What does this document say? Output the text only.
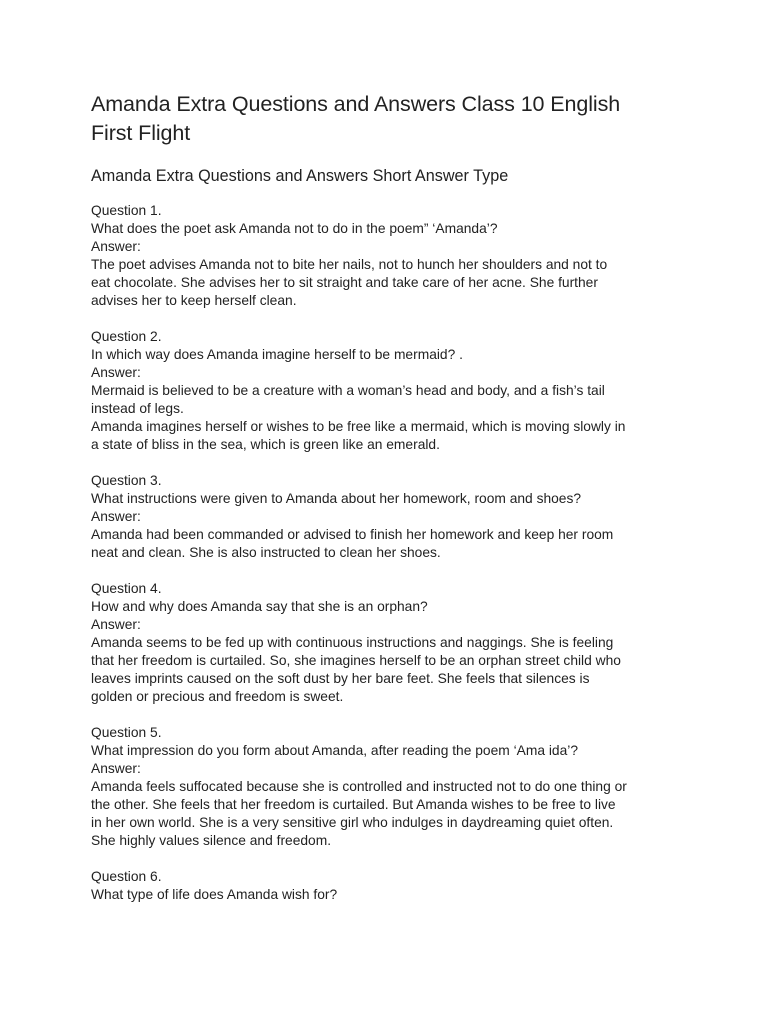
Amanda Extra Questions and Answers Class 10 English
First Flight
Amanda Extra Questions and Answers Short Answer Type

Question 1.

What does the poet ask Amanda not to do in the poem” ‘Amanda’?

Answer:

The poet advises Amanda not to bite her nails, not to hunch her shoulders and not to

eat chocolate. She advises her to sit straight and take care of her acne. She further

advises her to keep herself clean.

Question 2.

In which way does Amanda imagine herself to be mermaid? .

Answer:

Mermaid is believed to be a creature with a woman’s head and body, and a fish’s tail

instead of legs.

Amanda imagines herself or wishes to be free like a mermaid, which is moving slowly in

a state of bliss in the sea, which is green like an emerald.

Question 3.

What instructions were given to Amanda about her homework, room and shoes?

Answer:

Amanda had been commanded or advised to finish her homework and keep her room

neat and clean. She is also instructed to clean her shoes.

Question 4.

How and why does Amanda say that she is an orphan?

Answer:

Amanda seems to be fed up with continuous instructions and naggings. She is feeling

that her freedom is curtailed. So, she imagines herself to be an orphan street child who

leaves imprints caused on the soft dust by her bare feet. She feels that silences is

golden or precious and freedom is sweet.

Question 5.

What impression do you form about Amanda, after reading the poem ‘Ama ida’?

Answer:

Amanda feels suffocated because she is controlled and instructed not to do one thing or

the other. She feels that her freedom is curtailed. But Amanda wishes to be free to live

in her own world. She is a very sensitive girl who indulges in daydreaming quiet often.

She highly values silence and freedom.

Question 6.

What type of life does Amanda wish for?
